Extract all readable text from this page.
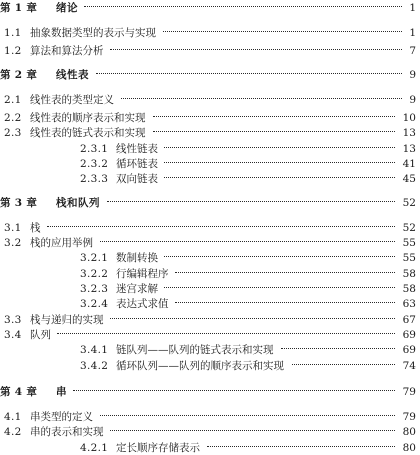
第 1 章 绪论	1
1.1 抽象数据类型的表示与实现	1
1.2 算法和算法分析	7
第 2 章 线性表	9
2.1 线性表的类型定义	9
2.2 线性表的顺序表示和实现	10
2.3 线性表的链式表示和实现	13
2.3.1 线性链表	13
2.3.2 循环链表	41
2.3.3 双向链表	45
第 3 章 栈和队列	52
3.1 栈	52
3.2 栈的应用举例	55
3.2.1 数制转换	55
3.2.2 行编辑程序	58
3.2.3 迷宫求解	58
3.2.4 表达式求值	63
3.3 栈与递归的实现	67
3.4 队列	69
3.4.1 链队列——队列的链式表示和实现	69
3.4.2 循环队列——队列的顺序表示和实现	74
第 4 章 串	79
4.1 串类型的定义	79
4.2 串的表示和实现	80
4.2.1 定长顺序存储表示	80
